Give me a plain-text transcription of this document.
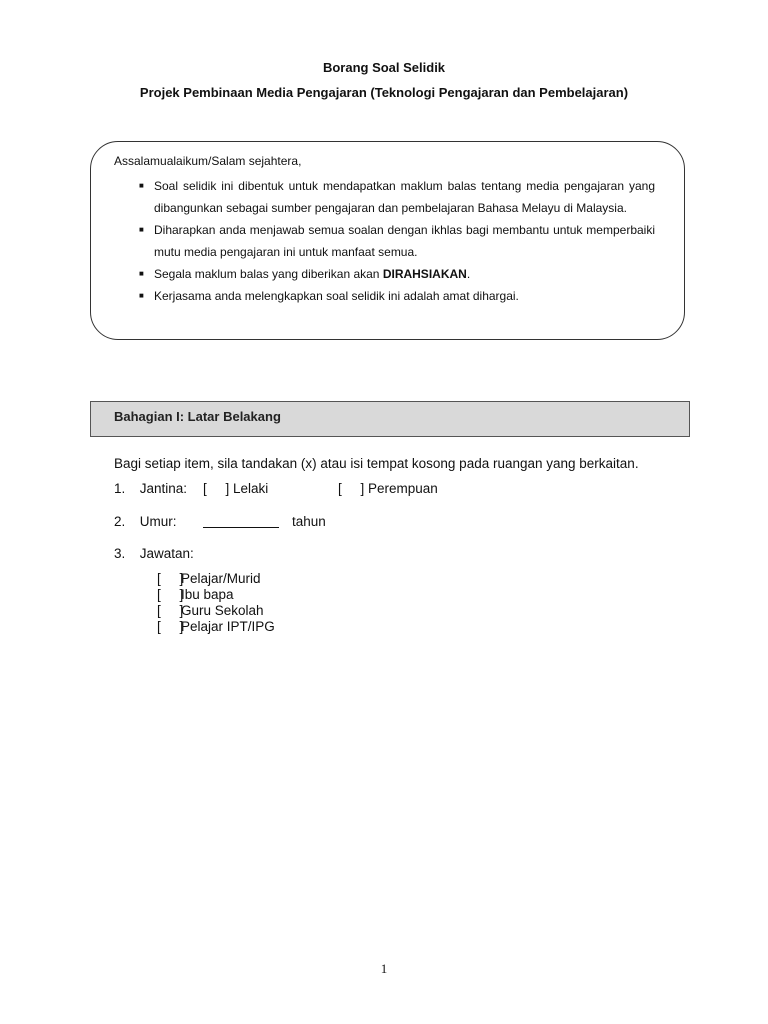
Borang Soal Selidik
Projek Pembinaan Media Pengajaran (Teknologi Pengajaran dan Pembelajaran)
Assalamualaikum/Salam sejahtera,
■ Soal selidik ini dibentuk untuk mendapatkan maklum balas tentang media pengajaran yang dibangunkan sebagai sumber pengajaran dan pembelajaran Bahasa Melayu di Malaysia.
■ Diharapkan anda menjawab semua soalan dengan ikhlas bagi membantu untuk memperbaiki mutu media pengajaran ini untuk manfaat semua.
■ Segala maklum balas yang diberikan akan DIRAHSIAKAN.
■ Kerjasama anda melengkapkan soal selidik ini adalah amat dihargai.
Bahagian I: Latar Belakang
Bagi setiap item, sila tandakan (x) atau isi tempat kosong pada ruangan yang berkaitan.
1. Jantina: [     ] Lelaki	[     ] Perempuan
2. Umur:	tahun
3. Jawatan:
[     ]Pelajar/Murid
[     ]Ibu bapa
[     ]Guru Sekolah
[     ]Pelajar IPT/IPG
1
